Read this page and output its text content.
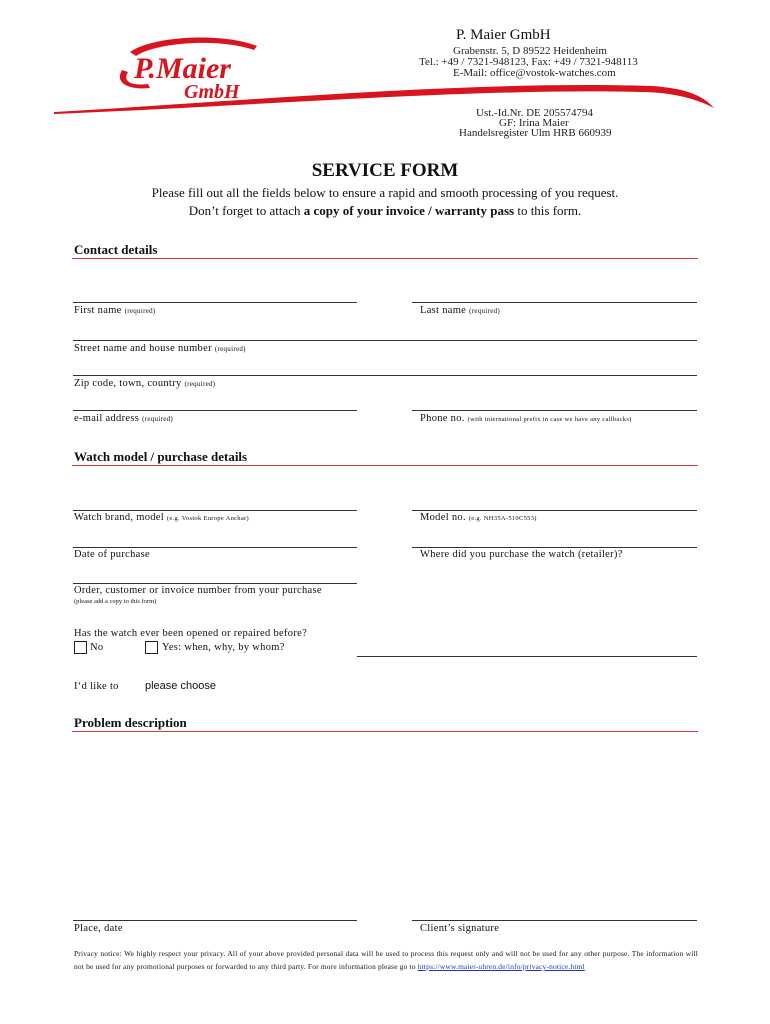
P.Maier
GmbH
P. Maier GmbH
Grabenstr. 5, D 89522 Heidenheim
Tel.: +49 / 7321-948123, Fax: +49 / 7321-948113
E-Mail: office@vostok-watches.com
Ust.-Id.Nr. DE 205574794
GF: Irina Maier
Handelsregister Ulm HRB 660939
SERVICE FORM
Please fill out all the fields below to ensure a rapid and smooth processing of you request.
Don’t forget to attach a copy of your invoice / warranty pass to this form.
Contact details
First name (required)	Last name (required)
Street name and house number (required)
Zip code, town, country (required)
e-mail address (required)	Phone no. (with international prefix in case we have any callbacks)
Watch model / purchase details
Watch brand, model (e.g. Vostok Europe Anchar)	Model no. (e.g. NH35A-510C553)
Date of purchase	Where did you purchase the watch (retailer)?
Order, customer or invoice number from your purchase
(please add a copy to this form)
Has the watch ever been opened or repaired before?
No	Yes: when, why, by whom?
I‘d like to please choose
Problem description
Place, date	Client’s signature
Privacy notice: We highly respect your privacy. All of your above provided personal data will be used to process this request only and will not be used for any other purpose. The information will not be used for any promotional purposes or forwarded to any third party. For more information please go to https://www.maier-uhren.de/info/privacy-notice.html
